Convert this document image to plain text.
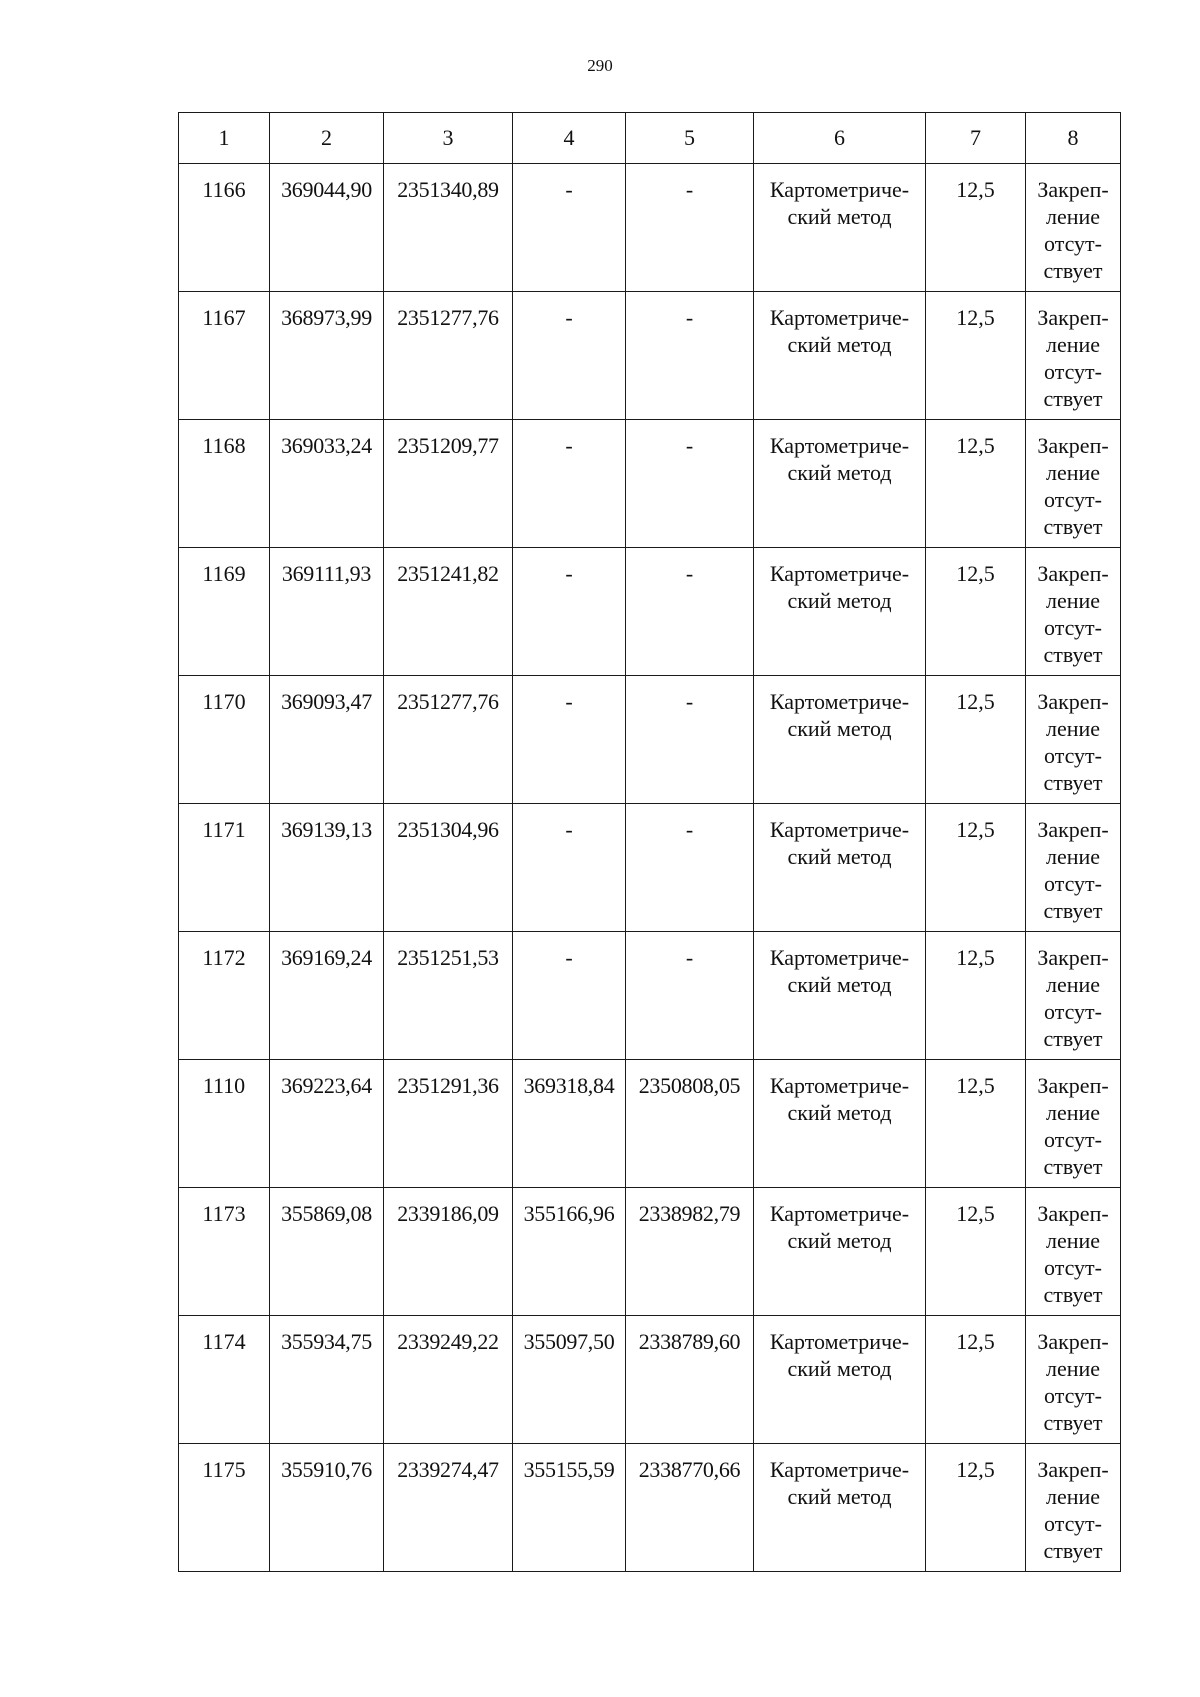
290
1	2	3	4	5	6	7	8
1166	369044,90	2351340,89	-	-	Картометриче-ский метод	12,5	Закреп-ление отсут-ствует
1167	368973,99	2351277,76	-	-	Картометриче-ский метод	12,5	Закреп-ление отсут-ствует
1168	369033,24	2351209,77	-	-	Картометриче-ский метод	12,5	Закреп-ление отсут-ствует
1169	369111,93	2351241,82	-	-	Картометриче-ский метод	12,5	Закреп-ление отсут-ствует
1170	369093,47	2351277,76	-	-	Картометриче-ский метод	12,5	Закреп-ление отсут-ствует
1171	369139,13	2351304,96	-	-	Картометриче-ский метод	12,5	Закреп-ление отсут-ствует
1172	369169,24	2351251,53	-	-	Картометриче-ский метод	12,5	Закреп-ление отсут-ствует
1110	369223,64	2351291,36	369318,84	2350808,05	Картометриче-ский метод	12,5	Закреп-ление отсут-ствует
1173	355869,08	2339186,09	355166,96	2338982,79	Картометриче-ский метод	12,5	Закреп-ление отсут-ствует
1174	355934,75	2339249,22	355097,50	2338789,60	Картометриче-ский метод	12,5	Закреп-ление отсут-ствует
1175	355910,76	2339274,47	355155,59	2338770,66	Картометриче-ский метод	12,5	Закреп-ление отсут-ствует
